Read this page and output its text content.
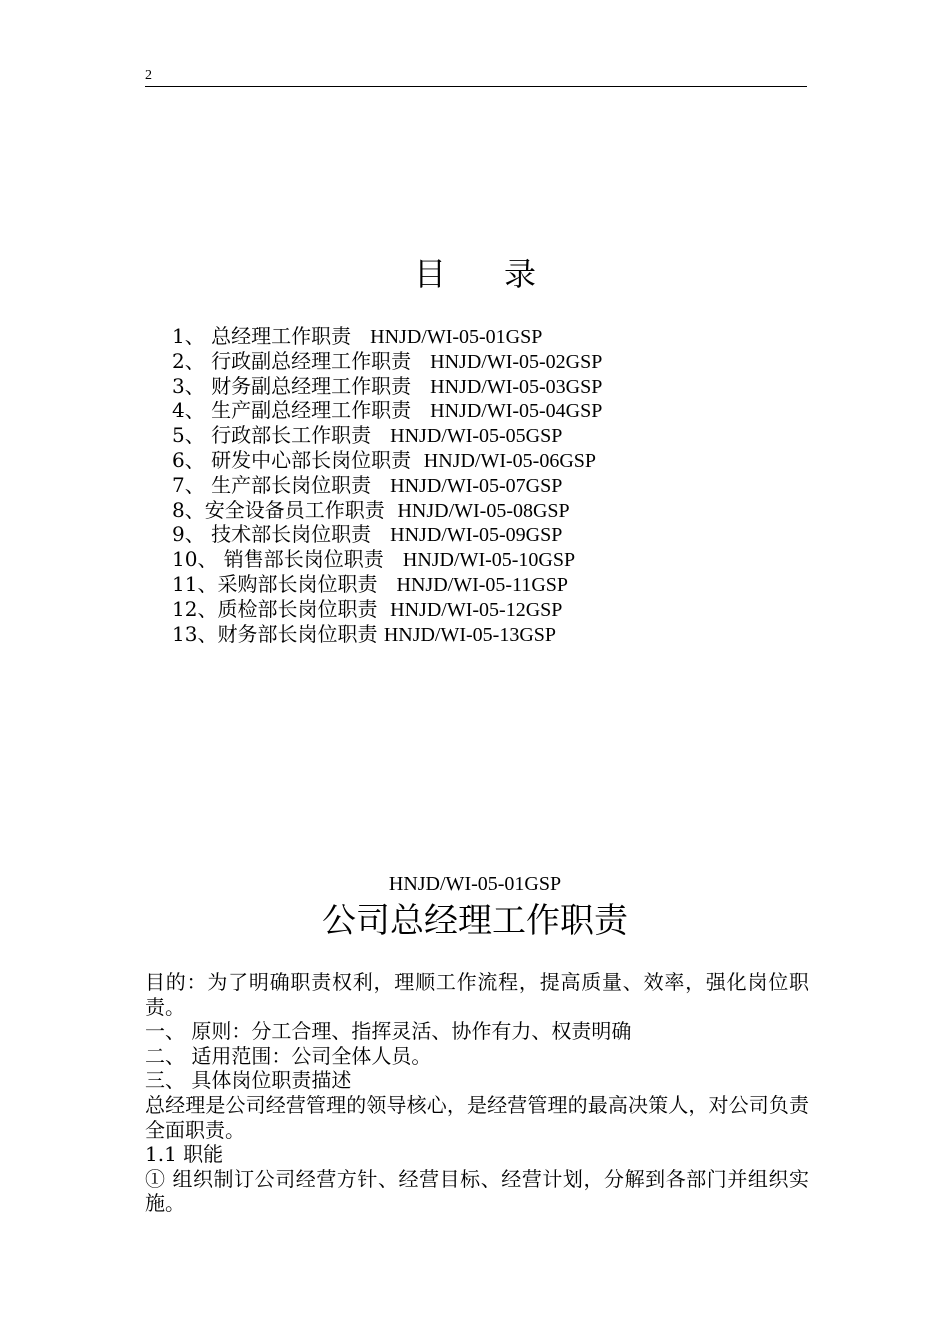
2
目 录
1、 总经理工作职责   HNJD/WI-05-01GSP
2、 行政副总经理工作职责   HNJD/WI-05-02GSP
3、 财务副总经理工作职责   HNJD/WI-05-03GSP
4、 生产副总经理工作职责   HNJD/WI-05-04GSP
5、 行政部长工作职责   HNJD/WI-05-05GSP
6、 研发中心部长岗位职责  HNJD/WI-05-06GSP
7、 生产部长岗位职责   HNJD/WI-05-07GSP
8、安全设备员工作职责  HNJD/WI-05-08GSP
9、 技术部长岗位职责   HNJD/WI-05-09GSP
10、 销售部长岗位职责   HNJD/WI-05-10GSP
11、采购部长岗位职责   HNJD/WI-05-11GSP
12、质检部长岗位职责  HNJD/WI-05-12GSP
13、财务部长岗位职责 HNJD/WI-05-13GSP
HNJD/WI-05-01GSP
公司总经理工作职责

目的：为了明确职责权利，理顺工作流程，提高质量、效率，强化岗位职责。

一、 原则：分工合理、指挥灵活、协作有力、权责明确

二、 适用范围：公司全体人员。

三、 具体岗位职责描述

总经理是公司经营管理的领导核心，是经营管理的最高决策人，对公司负责全面职责。

1.1 职能

① 组织制订公司经营方针、经营目标、经营计划，分解到各部门并组织实施。
